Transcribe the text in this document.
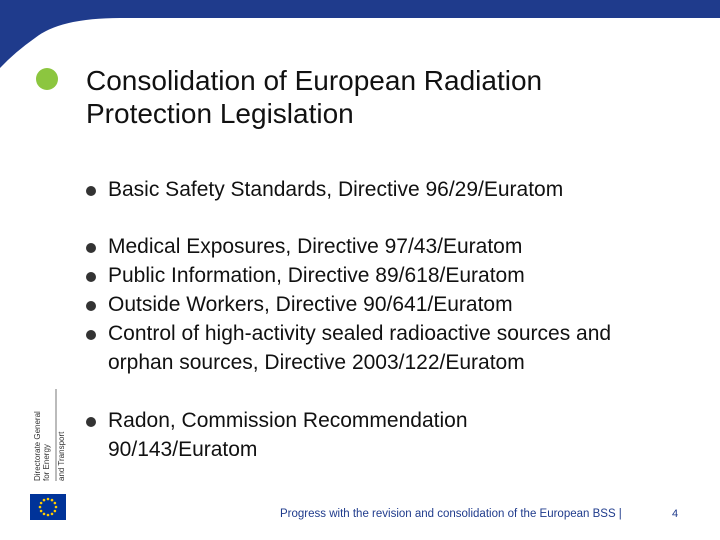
Consolidation of European Radiation
Protection Legislation
Basic Safety Standards, Directive 96/29/Euratom
Medical Exposures, Directive 97/43/Euratom
Public Information, Directive 89/618/Euratom
Outside Workers, Directive 90/641/Euratom
Control of high-activity sealed radioactive sources and
orphan sources, Directive 2003/122/Euratom
Radon, Commission Recommendation
90/143/Euratom
Directorate General for Energy and Transport
Progress with the revision and consolidation of the European BSS |	4
